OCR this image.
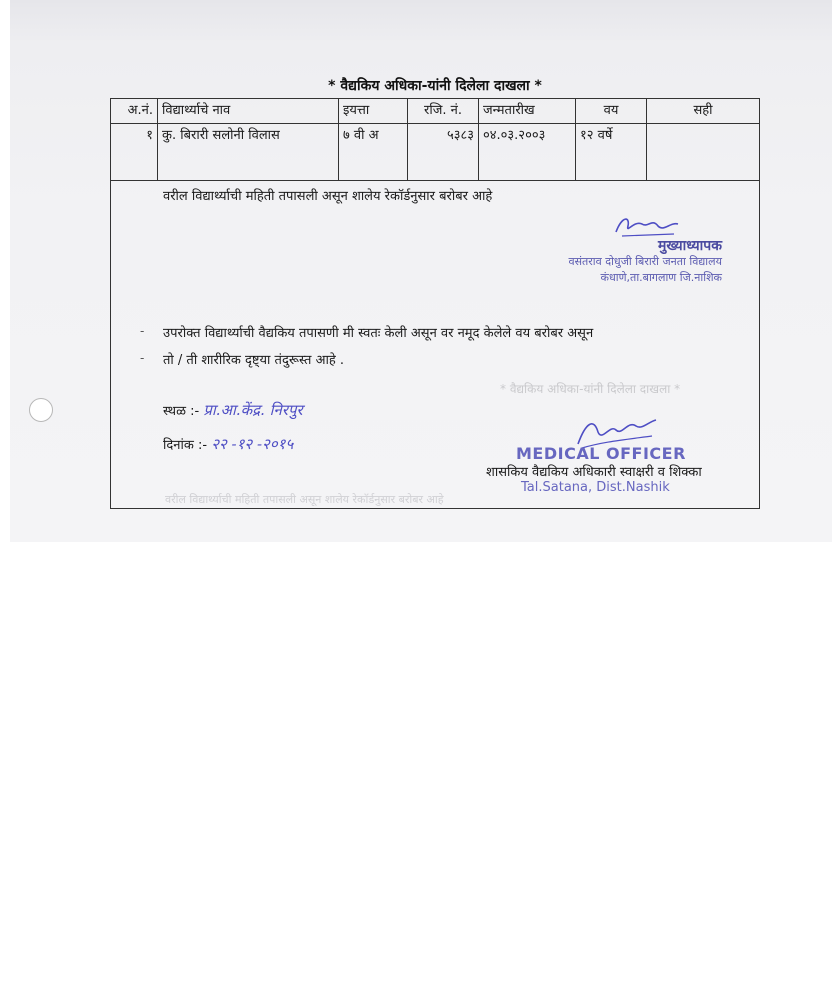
* वैद्यकिय अधिका-यांनी दिलेला दाखला *
अ.नं.	विद्यार्थ्याचे नाव	इयत्ता	रजि. नं.	जन्मतारीख	वय	सही
१	कु. बिरारी सलोनी विलास	७ वी अ	५३८३	०४.०३.२००३	१२ वर्षे	
वरील विद्यार्थ्याची महिती तपासली असून शालेय रेकॉर्डनुसार बरोबर आहे
मुख्याध्यापक
वसंतराव दोधुजी बिरारी जनता विद्यालय
कंधाणे,ता.बागलाण जि.नाशिक
-
-
उपरोक्त विद्यार्थ्याची वैद्यकिय तपासणी मी स्वतः केली असून वर नमूद केलेले वय बरोबर असून
तो / ती शारीरिक दृष्ट्या तंदुरूस्त आहे .
* वैद्यकिय अधिका-यांनी दिलेला दाखला *
स्थळ :- प्रा.आ.केंद्र. निरपुर
दिनांक :- २२ -१२ -२०१५	MEDICAL OFFICER
शासकिय वैद्यकिय अधिकारी स्वाक्षरी व शिक्का
Tal.Satana, Dist.Nashik
वरील विद्यार्थ्याची महिती तपासली असून शालेय रेकॉर्डनुसार बरोबर आहे
